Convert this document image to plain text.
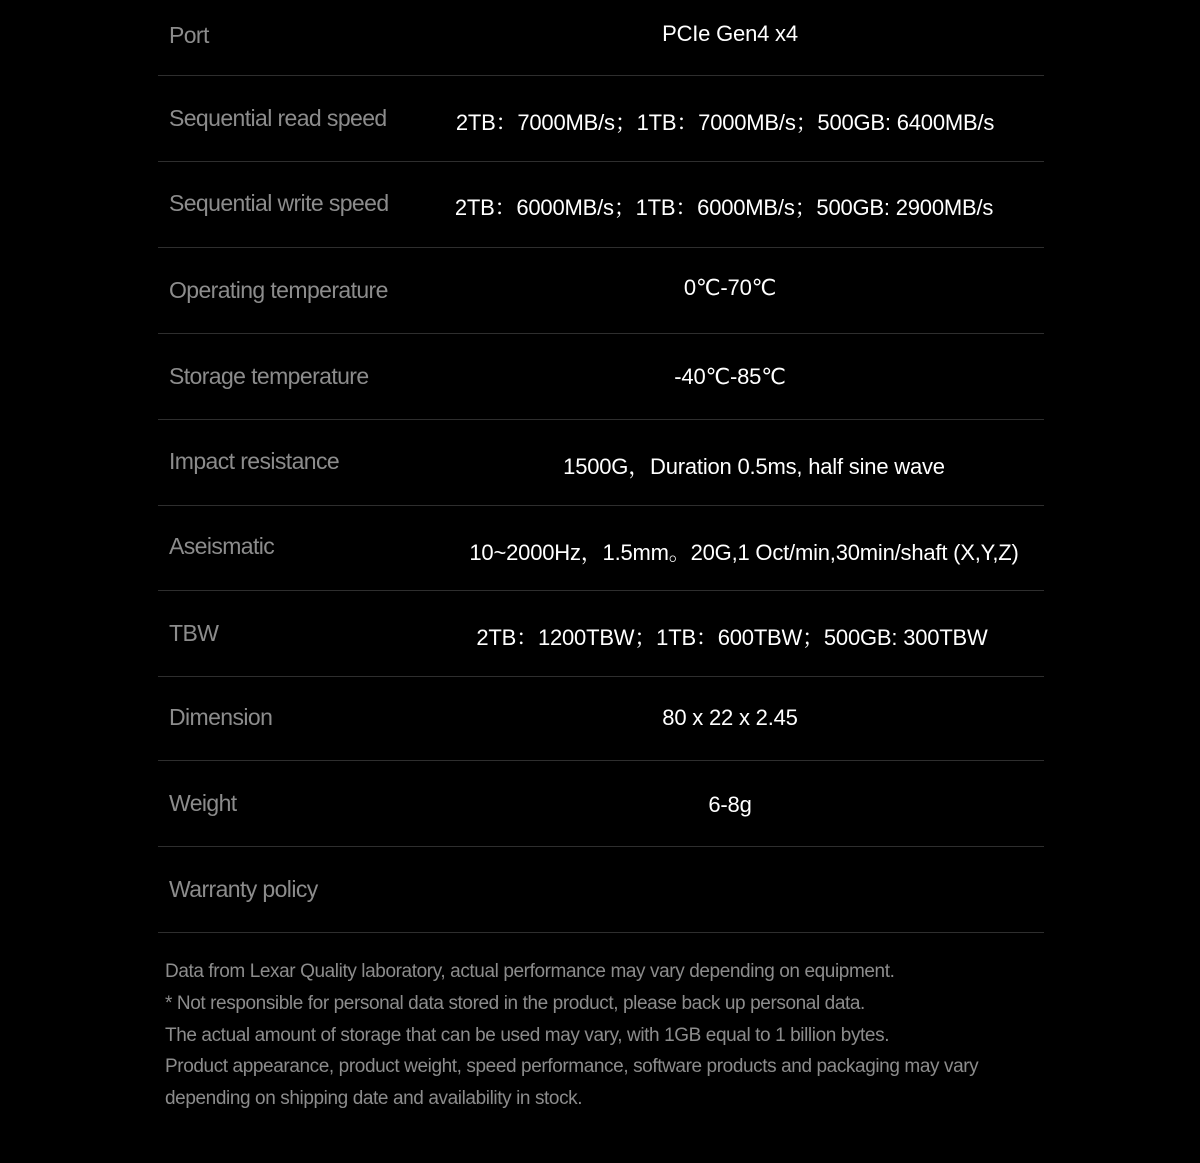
Port	PCIe Gen4 x4
Sequential read speed	2TB：7000MB/s；1TB：7000MB/s；500GB: 6400MB/s
Sequential write speed	2TB：6000MB/s；1TB：6000MB/s；500GB: 2900MB/s
Operating temperature	0℃-70℃
Storage temperature	-40℃-85℃
Impact resistance	1500G，Duration 0.5ms, half sine wave
Aseismatic	10~2000Hz，1.5mm。20G,1 Oct/min,30min/shaft (X,Y,Z)
TBW	2TB：1200TBW；1TB：600TBW；500GB: 300TBW
Dimension	80 x 22 x 2.45
Weight	6-8g
Warranty policy
Data from Lexar Quality laboratory, actual performance may vary depending on equipment.
* Not responsible for personal data stored in the product, please back up personal data.
The actual amount of storage that can be used may vary, with 1GB equal to 1 billion bytes.
Product appearance, product weight, speed performance, software products and packaging may vary
depending on shipping date and availability in stock.
